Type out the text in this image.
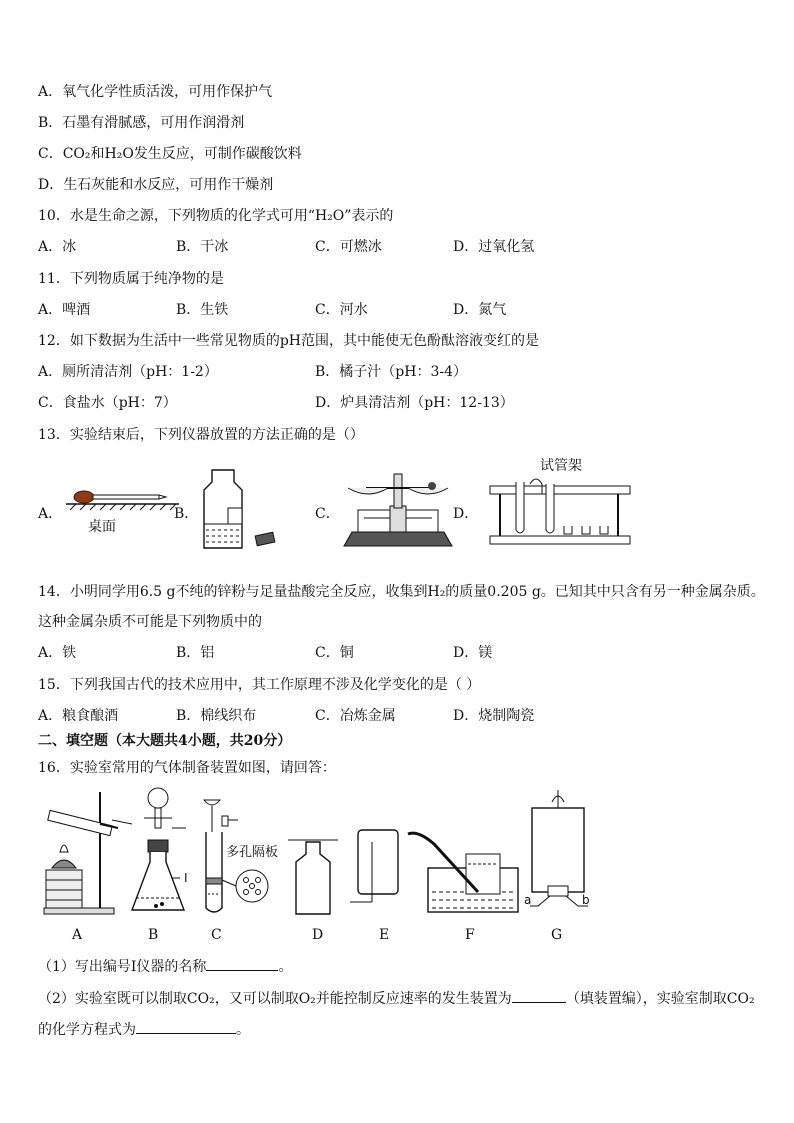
A．氧气化学性质活泼，可用作保护气
B．石墨有滑腻感，可用作润滑剂
C．CO₂和H₂O发生反应，可制作碳酸饮料
D．生石灰能和水反应，可用作干燥剂
10．水是生命之源，下列物质的化学式可用“H₂O”表示的
A．冰	B．干冰	C．可燃冰	D．过氧化氢
11．下列物质属于纯净物的是
A．啤酒	B．生铁	C．河水	D．氮气
12．如下数据为生活中一些常见物质的pH范围，其中能使无色酚酞溶液变红的是
A．厕所清洁剂（pH：1-2）	B．橘子汁（pH：3-4）
C．食盐水（pH：7）	D．炉具清洁剂（pH：12-13）
13．实验结束后，下列仪器放置的方法正确的是（）
A．
桌面
B．	C．	D．
试管架
14．小明同学用6.5 g不纯的锌粉与足量盐酸完全反应，收集到H₂的质量0.205 g。已知其中只含有另一种金属杂质。
这种金属杂质不可能是下列物质中的
A．铁	B．铝	C．铜	D．镁
15．下列我国古代的技术应用中，其工作原理不涉及化学变化的是（ ）
A．粮食酿酒	B．棉线织布	C．冶炼金属	D．烧制陶瓷
二、填空题（本大题共4小题，共20分）
16．实验室常用的气体制备装置如图，请回答：
a	b
I
多孔隔板
A	B	C	D	E	F	G
（1）写出编号I仪器的名称	。
（2）实验室既可以制取CO₂，又可以制取O₂并能控制反应速率的发生装置为	（填装置编），实验室制取CO₂
的化学方程式为	。
